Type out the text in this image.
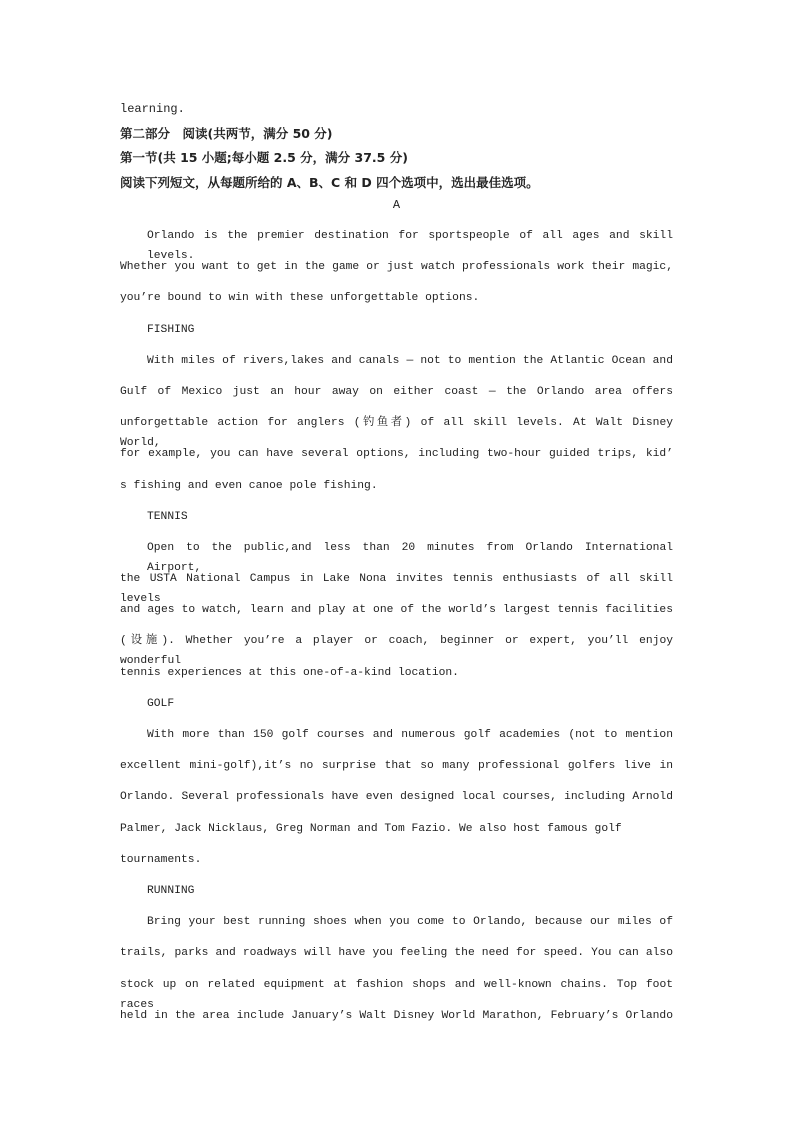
learning.
第二部分　阅读(共两节，满分 50 分)
第一节(共 15 小题;每小题 2.5 分，满分 37.5 分)
阅读下列短文，从每题所给的 A、B、C 和 D 四个选项中，选出最佳选项。
A
Orlando is the premier destination for sportspeople of all ages and skill levels.
Whether you want to get in the game or just watch professionals work their magic,
you’re bound to win with these unforgettable options.
FISHING
With miles of rivers,lakes and canals — not to mention the Atlantic Ocean and
Gulf of Mexico just an hour away on either coast — the Orlando area offers
unforgettable action for anglers (钓鱼者) of all skill levels. At Walt Disney World,
for example, you can have several options, including two-hour guided trips, kid’
s fishing and even canoe pole fishing.
TENNIS
Open to the public,and less than 20 minutes from Orlando International Airport,
the USTA National Campus in Lake Nona invites tennis enthusiasts of all skill levels
and ages to watch, learn and play at one of the world’s largest tennis facilities
(设施). Whether you’re a player or coach, beginner or expert, you’ll enjoy wonderful
tennis experiences at this one-of-a-kind location.
GOLF
With more than 150 golf courses and numerous golf academies (not to mention
excellent mini-golf),it’s no surprise that so many professional golfers live in
Orlando. Several professionals have even designed local courses, including Arnold
Palmer, Jack Nicklaus, Greg Norman and Tom Fazio. We also host famous golf
tournaments.
RUNNING
Bring your best running shoes when you come to Orlando, because our miles of
trails, parks and roadways will have you feeling the need for speed. You can also
stock up on related equipment at fashion shops and well-known chains. Top foot races
held in the area include January’s Walt Disney World Marathon, February’s Orlando
